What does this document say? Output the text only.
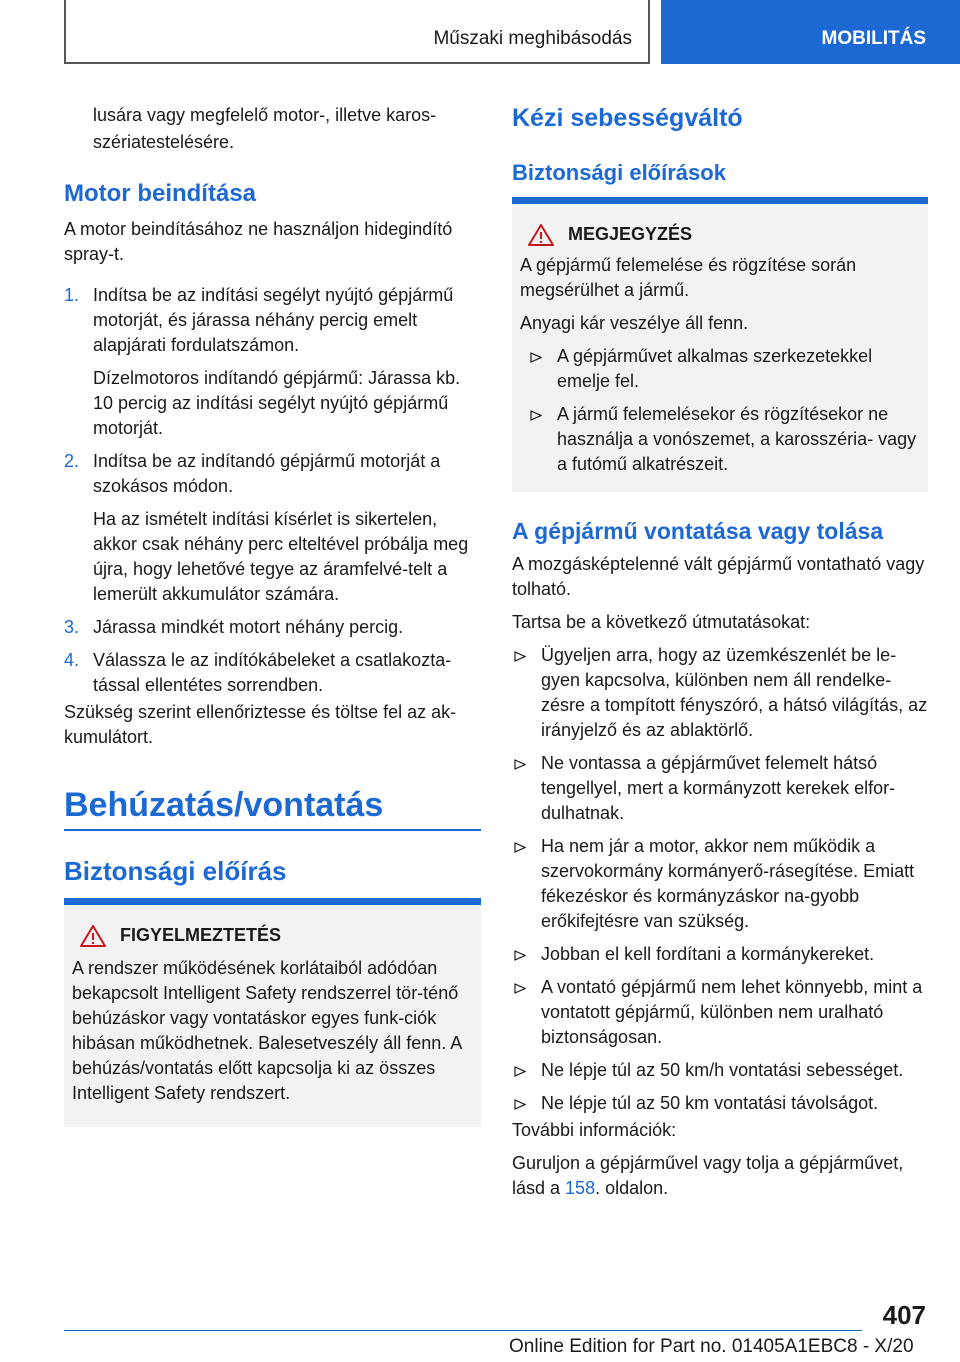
Műszaki meghibásodás	MOBILITÁS

lusára vagy megfelelő motor-, illetve karos-

szériatestelésére.

Motor beindítása

A motor beindításához ne használjon hidegindító spray-t.

1. Indítsa be az indítási segélyt nyújtó gépjármű motorját, és járassa néhány percig emelt alapjárati fordulatszámon.

Dízelmotoros indítandó gépjármű: Járassa kb. 10 percig az indítási segélyt nyújtó gépjármű motorját.

2. Indítsa be az indítandó gépjármű motorját a szokásos módon.

Ha az ismételt indítási kísérlet is sikertelen, akkor csak néhány perc elteltével próbálja meg újra, hogy lehetővé tegye az áramfelvé-telt a lemerült akkumulátor számára.

3. Járassa mindkét motort néhány percig.

4. Válassza le az indítókábeleket a csatlakozta-tással ellentétes sorrendben.

Szükség szerint ellenőriztesse és töltse fel az ak-kumulátort.

Behúzatás/vontatás
Biztonsági előírás
FIGYELMEZTETÉS

A rendszer működésének korlátaiból adódóan bekapcsolt Intelligent Safety rendszerrel tör-ténő behúzáskor vagy vontatáskor egyes funk-ciók hibásan működhetnek. Balesetveszély áll fenn. A behúzás/vontatás előtt kapcsolja ki az összes Intelligent Safety rendszert.

Kézi sebességváltó
Biztonsági előírások
MEGJEGYZÉS

A gépjármű felemelése és rögzítése során megsérülhet a jármű.

Anyagi kár veszélye áll fenn.

A gépjárművet alkalmas szerkezetekkel emelje fel.

A jármű felemelésekor és rögzítésekor ne használja a vonószemet, a karosszéria- vagy a futómű alkatrészeit.

A gépjármű vontatása vagy tolása

A mozgásképtelenné vált gépjármű vontatható vagy tolható.

Tartsa be a következő útmutatásokat:

Ügyeljen arra, hogy az üzemkészenlét be le-gyen kapcsolva, különben nem áll rendelke-zésre a tompított fényszóró, a hátsó világítás, az irányjelző és az ablaktörlő.

Ne vontassa a gépjárművet felemelt hátsó tengellyel, mert a kormányzott kerekek elfor-dulhatnak.

Ha nem jár a motor, akkor nem működik a szervokormány kormányerő-rásegítése. Emiatt fékezéskor és kormányzáskor na-gyobb erőkifejtésre van szükség.

Jobban el kell fordítani a kormánykereket.

A vontató gépjármű nem lehet könnyebb, mint a vontatott gépjármű, különben nem uralható biztonságosan.

Ne lépje túl az 50 km/h vontatási sebességet.

Ne lépje túl az 50 km vontatási távolságot.

További információk:

Guruljon a gépjárművel vagy tolja a gépjárművet, lásd a 158. oldalon.

407
Online Edition for Part no. 01405A1EBC8 - X/20
